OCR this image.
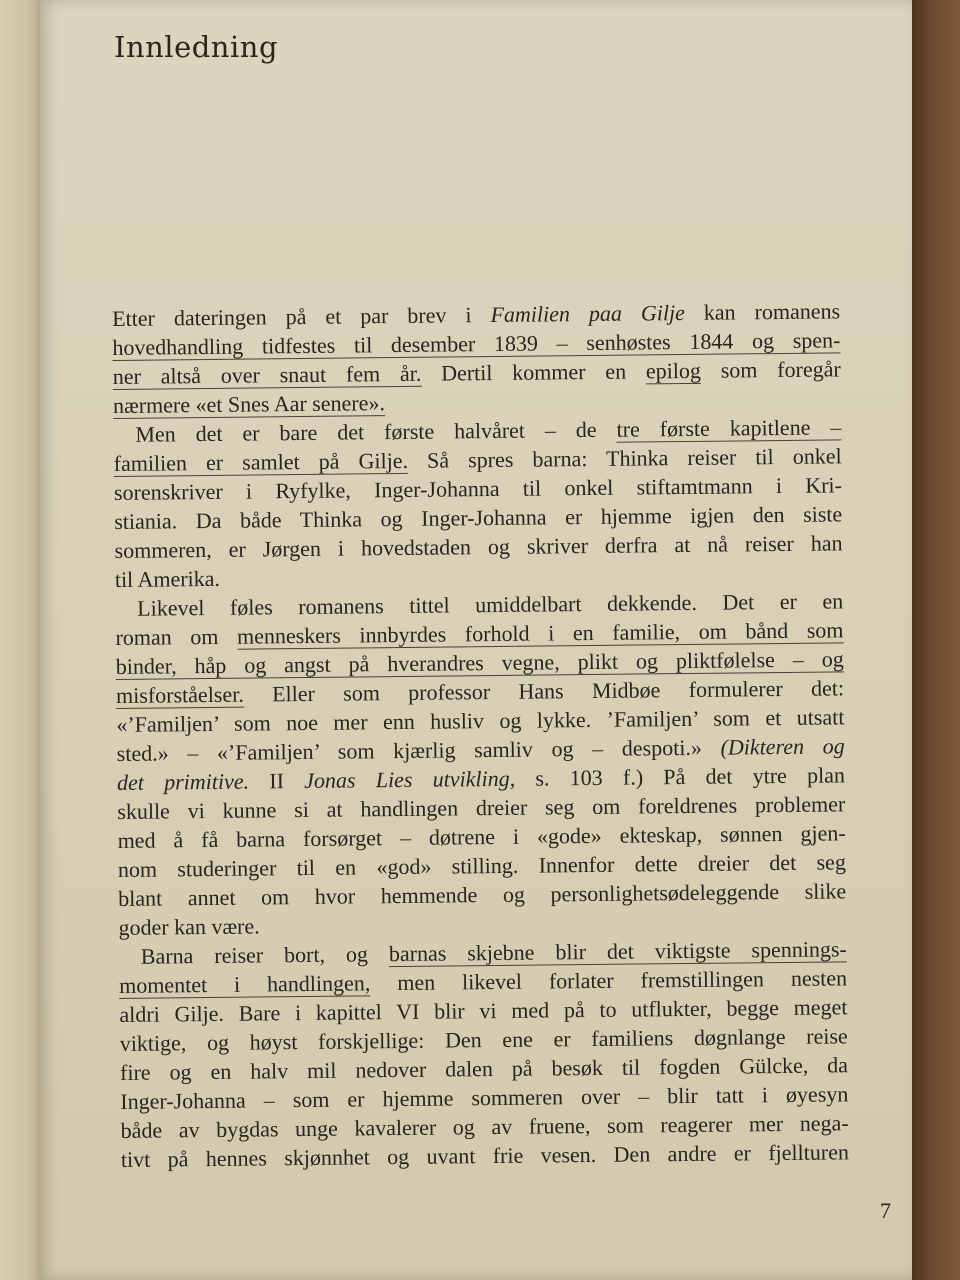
Innledning

Etter dateringen på et par brev i Familien paa Gilje kan romanens
hovedhandling tidfestes til desember 1839 – senhøstes 1844 og spen-
ner altså over snaut fem år. Dertil kommer en epilog som foregår
nærmere «et Snes Aar senere».

Men det er bare det første halvåret – de tre første kapitlene –
familien er samlet på Gilje. Så spres barna: Thinka reiser til onkel
sorenskriver i Ryfylke, Inger-Johanna til onkel stiftamtmann i Kri-
stiania. Da både Thinka og Inger-Johanna er hjemme igjen den siste
sommeren, er Jørgen i hovedstaden og skriver derfra at nå reiser han
til Amerika.

Likevel føles romanens tittel umiddelbart dekkende. Det er en
roman om menneskers innbyrdes forhold i en familie, om bånd som
binder, håp og angst på hverandres vegne, plikt og pliktfølelse – og
misforståelser. Eller som professor Hans Midbøe formulerer det:
«’Familjen’ som noe mer enn husliv og lykke. ’Familjen’ som et utsatt
sted.» – «’Familjen’ som kjærlig samliv og – despoti.» (Dikteren og
det primitive. II Jonas Lies utvikling, s. 103 f.) På det ytre plan
skulle vi kunne si at handlingen dreier seg om foreldrenes problemer
med å få barna forsørget – døtrene i «gode» ekteskap, sønnen gjen-
nom studeringer til en «god» stilling. Innenfor dette dreier det seg
blant annet om hvor hemmende og personlighetsødeleggende slike
goder kan være.

Barna reiser bort, og barnas skjebne blir det viktigste spennings-
momentet i handlingen, men likevel forlater fremstillingen nesten
aldri Gilje. Bare i kapittel VI blir vi med på to utflukter, begge meget
viktige, og høyst forskjellige: Den ene er familiens døgnlange reise
fire og en halv mil nedover dalen på besøk til fogden Gülcke, da
Inger-Johanna – som er hjemme sommeren over – blir tatt i øyesyn
både av bygdas unge kavalerer og av fruene, som reagerer mer nega-
tivt på hennes skjønnhet og uvant frie vesen. Den andre er fjellturen

7
